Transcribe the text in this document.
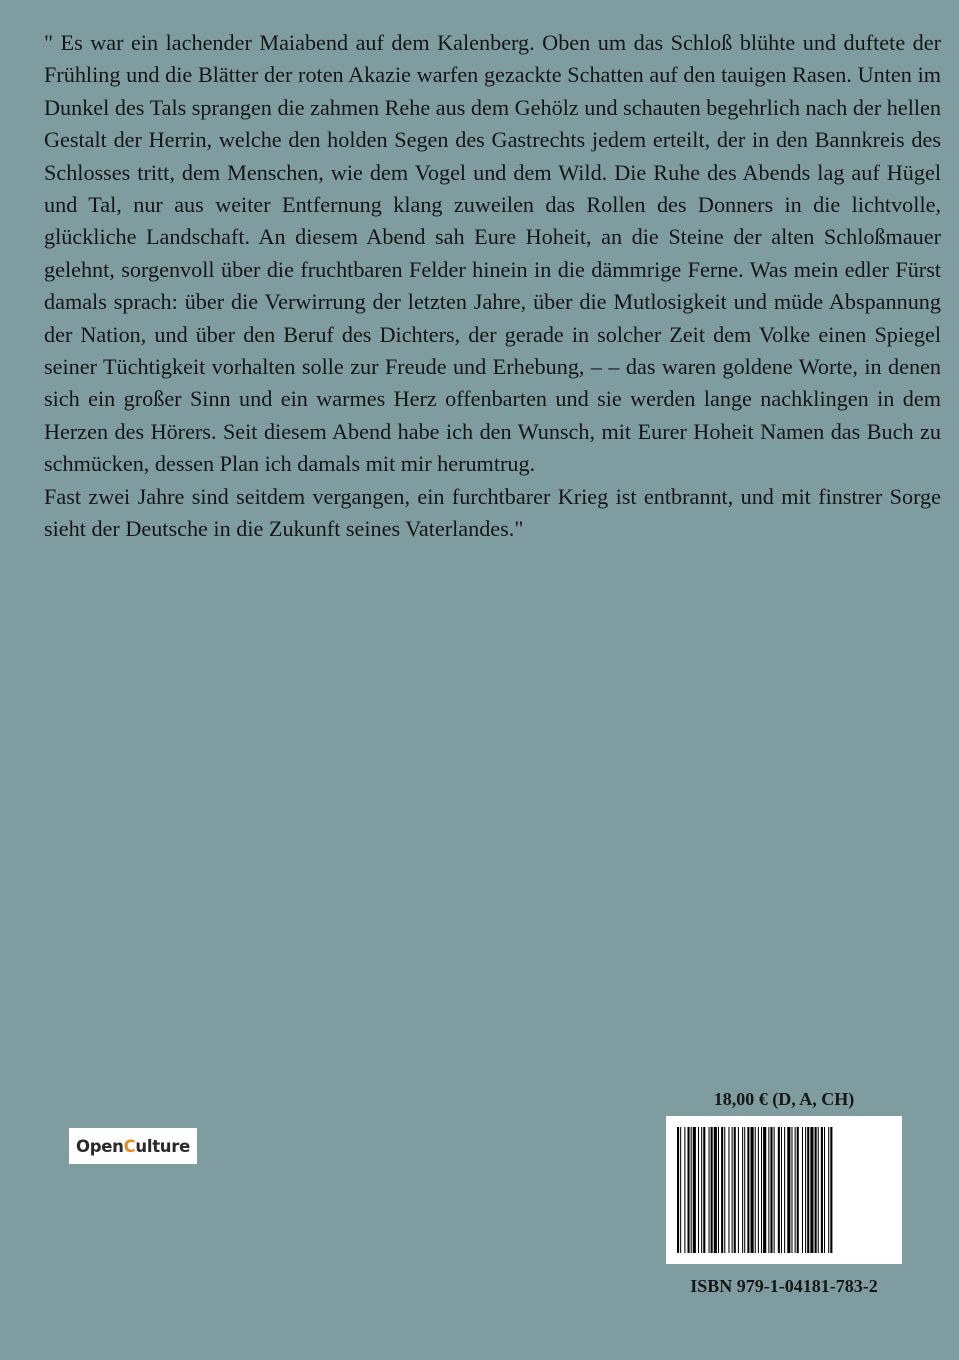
" Es war ein lachender Maiabend auf dem Kalenberg. Oben um das Schloß blühte und duftete der Frühling und die Blätter der roten Akazie warfen gezackte Schatten auf den tauigen Rasen. Unten im Dunkel des Tals sprangen die zahmen Rehe aus dem Gehölz und schauten begehrlich nach der hellen Gestalt der Herrin, welche den holden Segen des Gastrechts jedem erteilt, der in den Bannkreis des Schlosses tritt, dem Menschen, wie dem Vogel und dem Wild. Die Ruhe des Abends lag auf Hügel und Tal, nur aus weiter Entfernung klang zuweilen das Rollen des Donners in die lichtvolle, glückliche Landschaft. An diesem Abend sah Eure Hoheit, an die Steine der alten Schloßmauer gelehnt, sorgenvoll über die fruchtbaren Felder hinein in die dämmrige Ferne. Was mein edler Fürst damals sprach: über die Verwirrung der letzten Jahre, über die Mutlosigkeit und müde Abspannung der Nation, und über den Beruf des Dichters, der gerade in solcher Zeit dem Volke einen Spiegel seiner Tüchtigkeit vorhalten solle zur Freude und Erhebung, – – das waren goldene Worte, in denen sich ein großer Sinn und ein warmes Herz offenbarten und sie werden lange nachklingen in dem Herzen des Hörers. Seit diesem Abend habe ich den Wunsch, mit Eurer Hoheit Namen das Buch zu schmücken, dessen Plan ich damals mit mir herumtrug.

Fast zwei Jahre sind seitdem vergangen, ein furchtbarer Krieg ist entbrannt, und mit finstrer Sorge sieht der Deutsche in die Zukunft seines Vaterlandes."

Open C ulture
18,00 € (D, A, CH)
ISBN 979-1-04181-783-2
